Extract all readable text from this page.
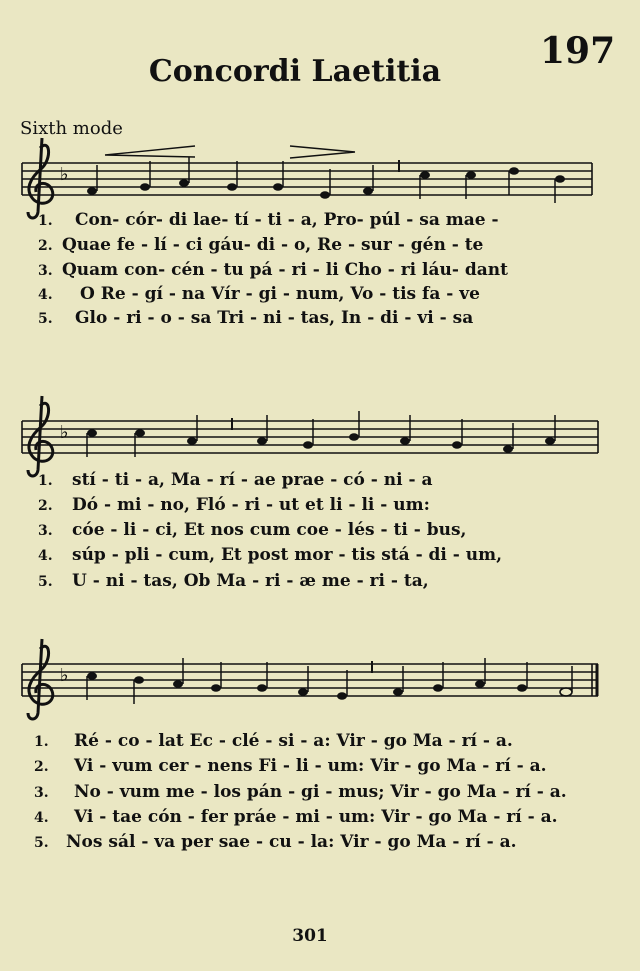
197
Concordi Laetitia
Sixth mode
♭
♭
♭
1. Con- cór- di lae- tí - ti - a, Pro- púl - sa mae -
2. Quae fe - lí - ci gáu- di - o, Re - sur - gén - te
3. Quam con- cén - tu pá - ri - li Cho - ri láu- dant
4. O Re - gí - na Vír - gi - num, Vo - tis fa - ve
5. Glo - ri - o - sa Tri - ni - tas, In - di - vi - sa
1. stí - ti - a, Ma - rí - ae prae - có - ni - a
2. Dó - mi - no, Fló - ri - ut et li - li - um:
3. cóe - li - ci, Et nos cum coe - lés - ti - bus,
4. súp - pli - cum, Et post mor - tis stá - di - um,
5. U - ni - tas, Ob Ma - ri - æ me - ri - ta,
1. Ré - co - lat Ec - clé - si - a: Vir - go Ma - rí - a.
2. Vi - vum cer - nens Fi - li - um: Vir - go Ma - rí - a.
3. No - vum me - los pán - gi - mus; Vir - go Ma - rí - a.
4. Vi - tae cón - fer práe - mi - um: Vir - go Ma - rí - a.
5. Nos sál - va per sae - cu - la: Vir - go Ma - rí - a.
301
